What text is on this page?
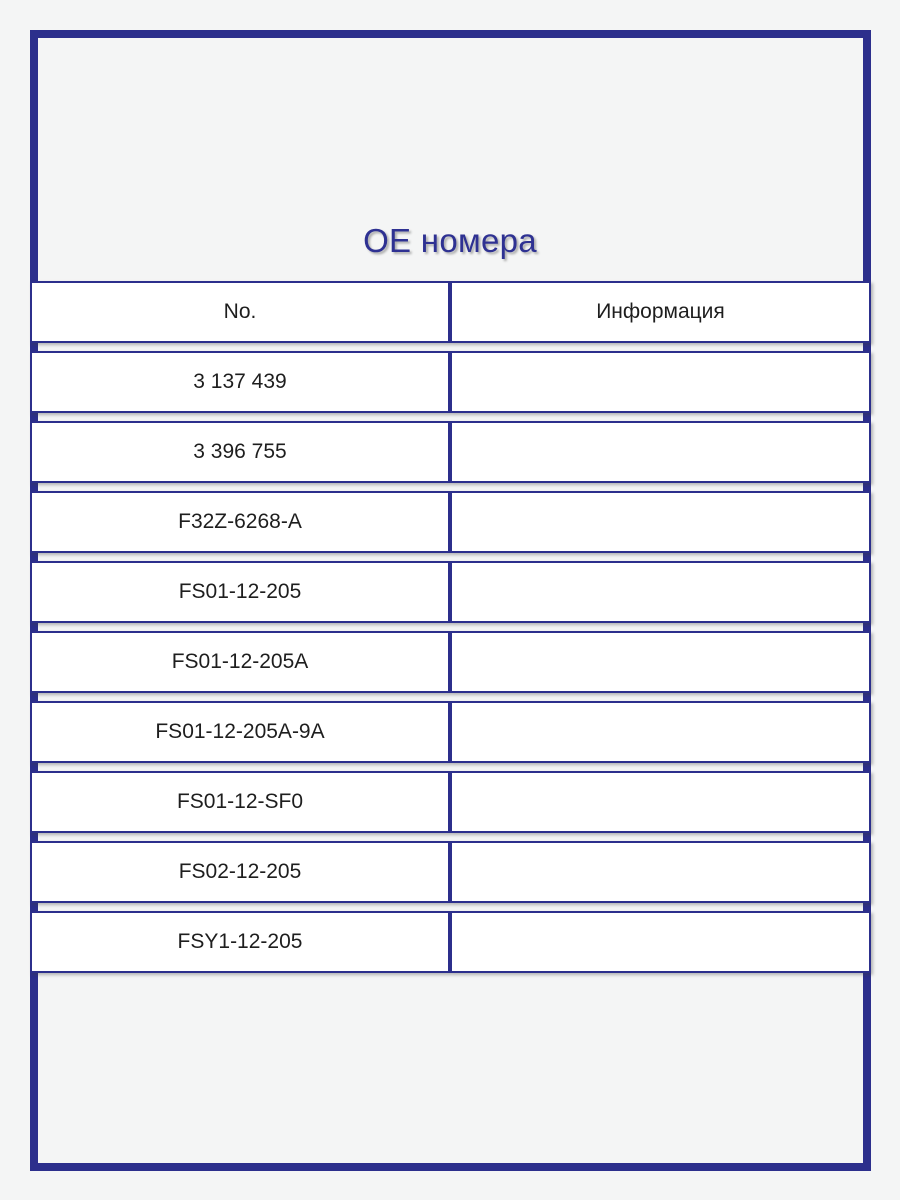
OE номера
No.	Информация
3 137 439
3 396 755
F32Z-6268-A
FS01-12-205
FS01-12-205A
FS01-12-205A-9A
FS01-12-SF0
FS02-12-205
FSY1-12-205
